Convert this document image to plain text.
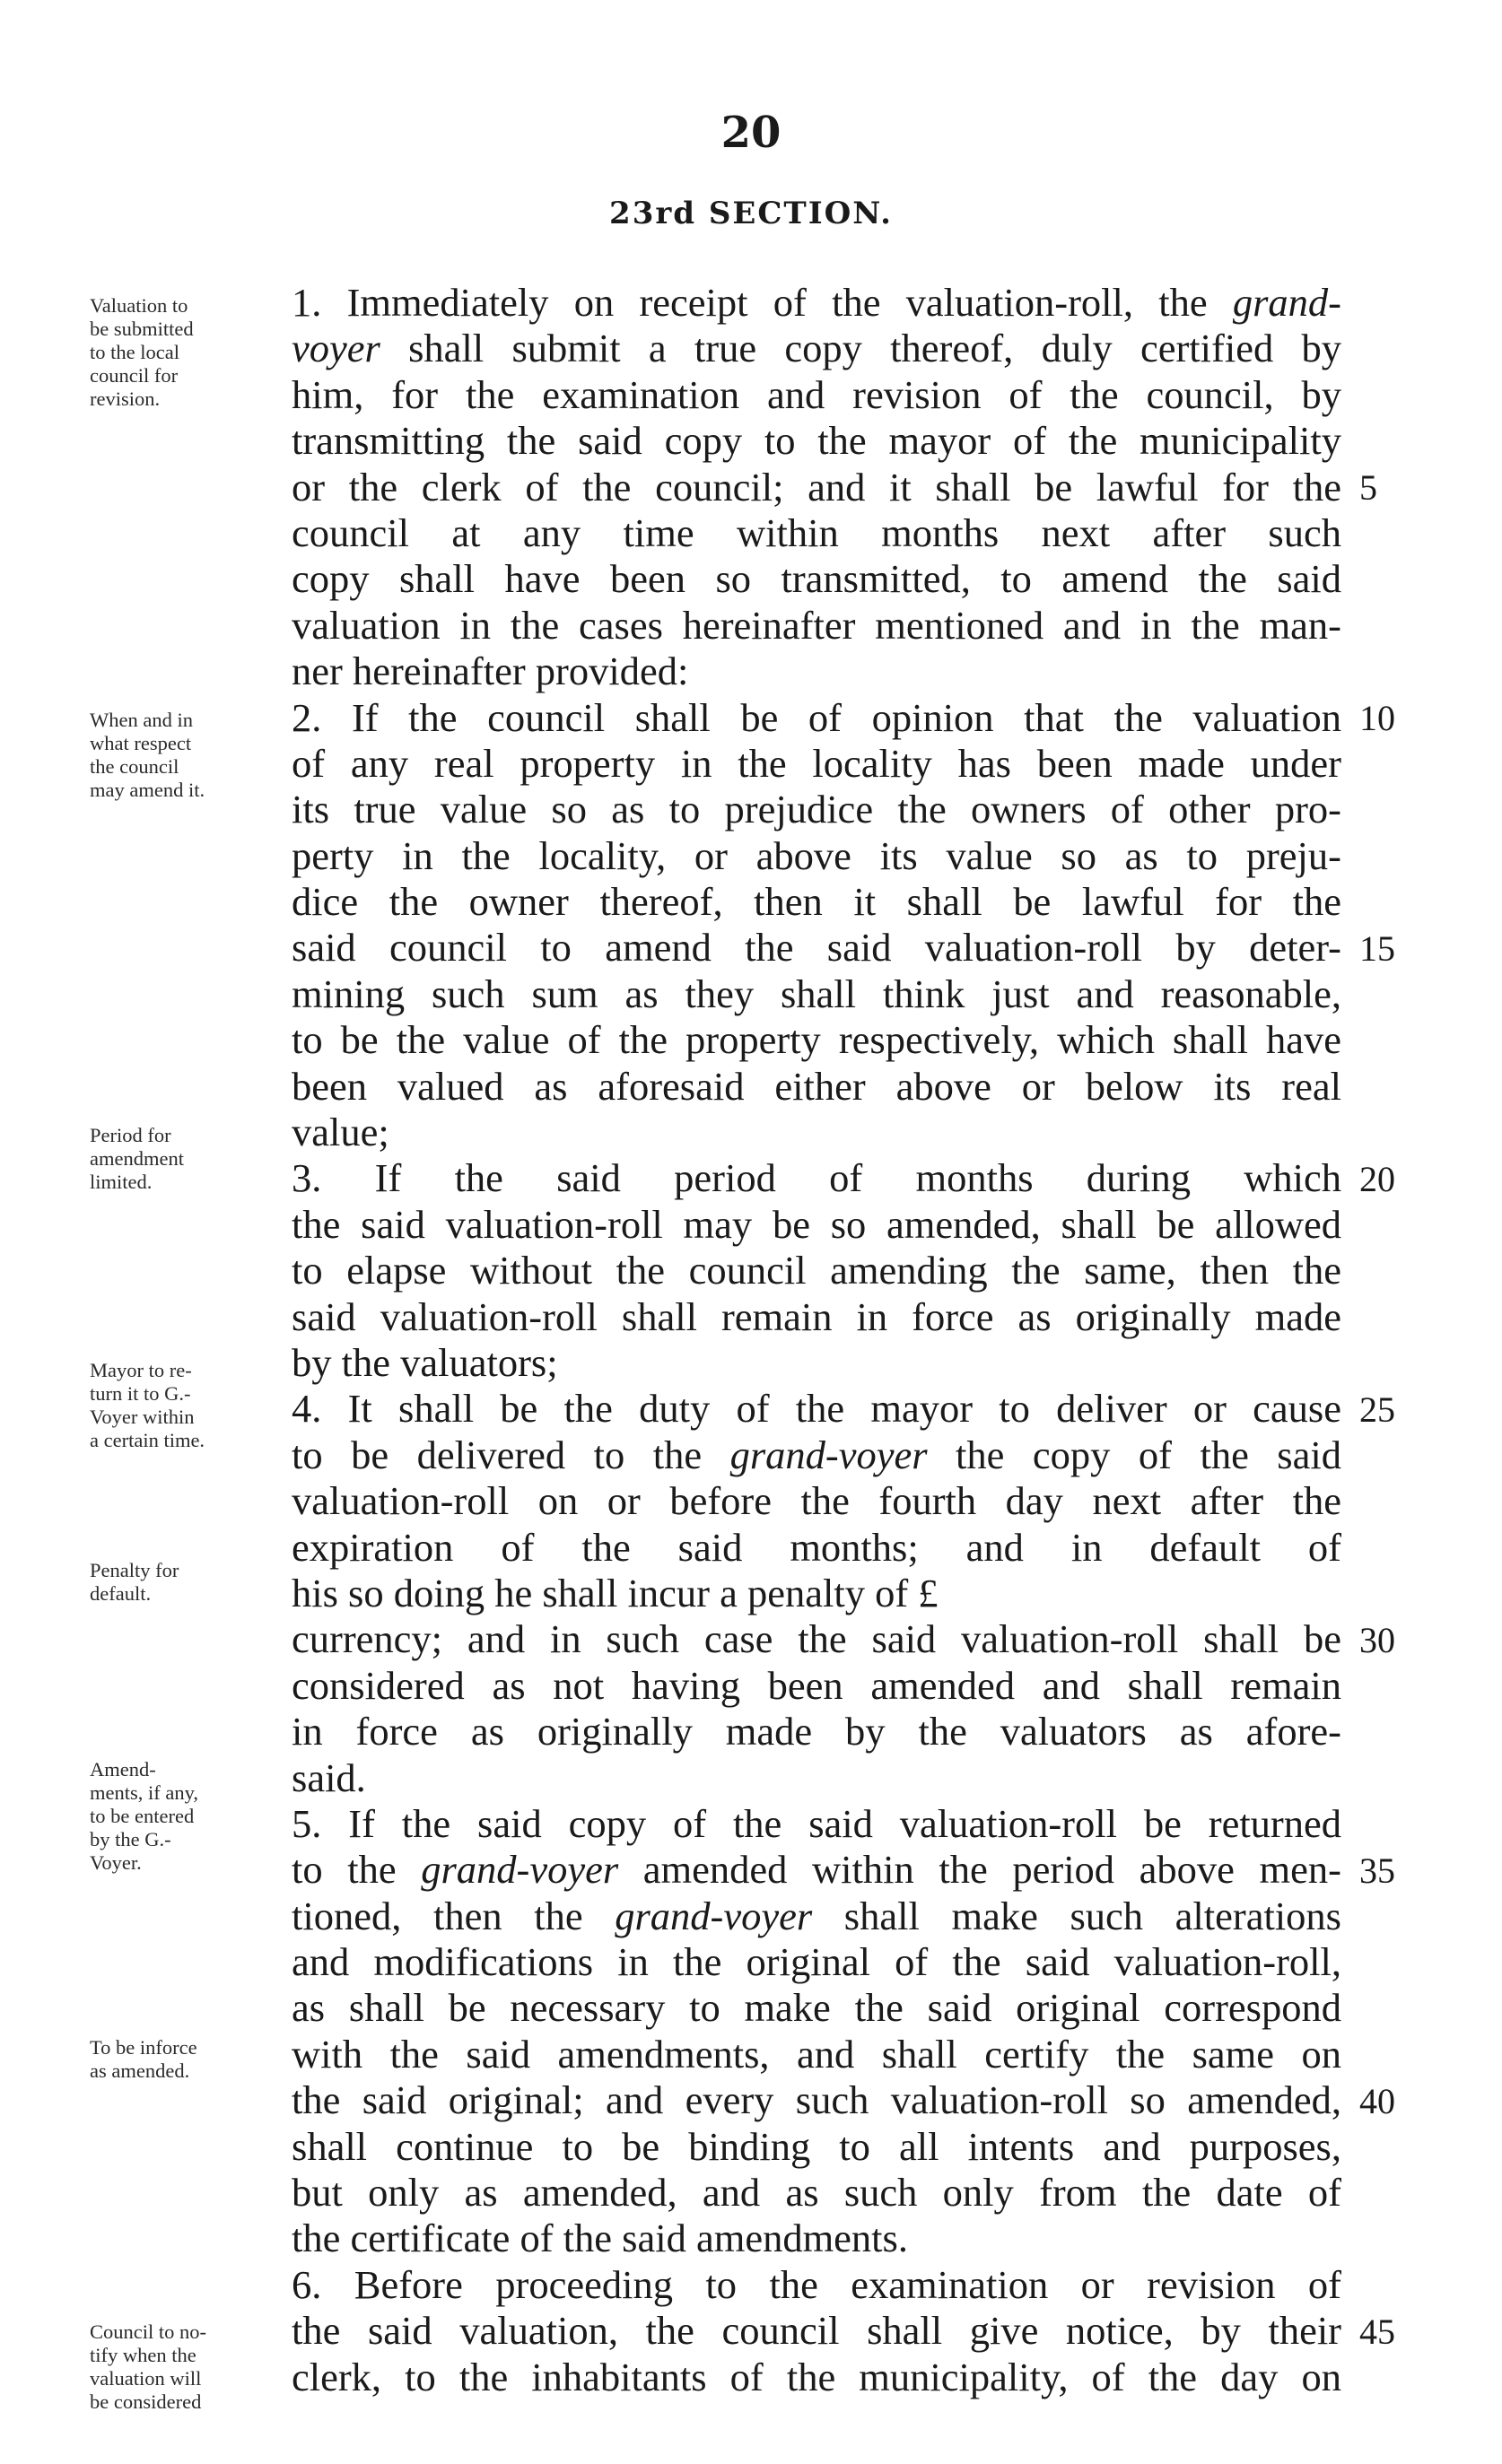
20
23rd SECTION.
Valuation to
be submitted
to the local
council for
revision.
When and in
what respect
the council
may amend it.
Period for
amendment
limited.
Mayor to re-
turn it to G.-
Voyer within
a certain time.
Penalty for
default.
Amend-
ments, if any,
to be entered
by the G.-
Voyer.
To be inforce
as amended.
Council to no-
tify when the
valuation will
be considered
5
10
15
20
25
30
35
40
45
1. Immediately on receipt of the valuation-roll, the grand-
voyer shall submit a true copy thereof, duly certified by
him, for the examination and revision of the council, by
transmitting the said copy to the mayor of the municipality
or the clerk of the council; and it shall be lawful for the
council at any time within months next after such
copy shall have been so transmitted, to amend the said
valuation in the cases hereinafter mentioned and in the man-
ner hereinafter provided:
2. If the council shall be of opinion that the valuation
of any real property in the locality has been made under
its true value so as to prejudice the owners of other pro-
perty in the locality, or above its value so as to preju-
dice the owner thereof, then it shall be lawful for the
said council to amend the said valuation-roll by deter-
mining such sum as they shall think just and reasonable,
to be the value of the property respectively, which shall have
been valued as aforesaid either above or below its real
value;
3. If the said period of months during which
the said valuation-roll may be so amended, shall be allowed
to elapse without the council amending the same, then the
said valuation-roll shall remain in force as originally made
by the valuators;
4. It shall be the duty of the mayor to deliver or cause
to be delivered to the grand-voyer the copy of the said
valuation-roll on or before the fourth day next after the
expiration of the said months; and in default of
his so doing he shall incur a penalty of £
currency; and in such case the said valuation-roll shall be
considered as not having been amended and shall remain
in force as originally made by the valuators as afore-
said.
5. If the said copy of the said valuation-roll be returned
to the grand-voyer amended within the period above men-
tioned, then the grand-voyer shall make such alterations
and modifications in the original of the said valuation-roll,
as shall be necessary to make the said original correspond
with the said amendments, and shall certify the same on
the said original; and every such valuation-roll so amended,
shall continue to be binding to all intents and purposes,
but only as amended, and as such only from the date of
the certificate of the said amendments.
6. Before proceeding to the examination or revision of
the said valuation, the council shall give notice, by their
clerk, to the inhabitants of the municipality, of the day on
